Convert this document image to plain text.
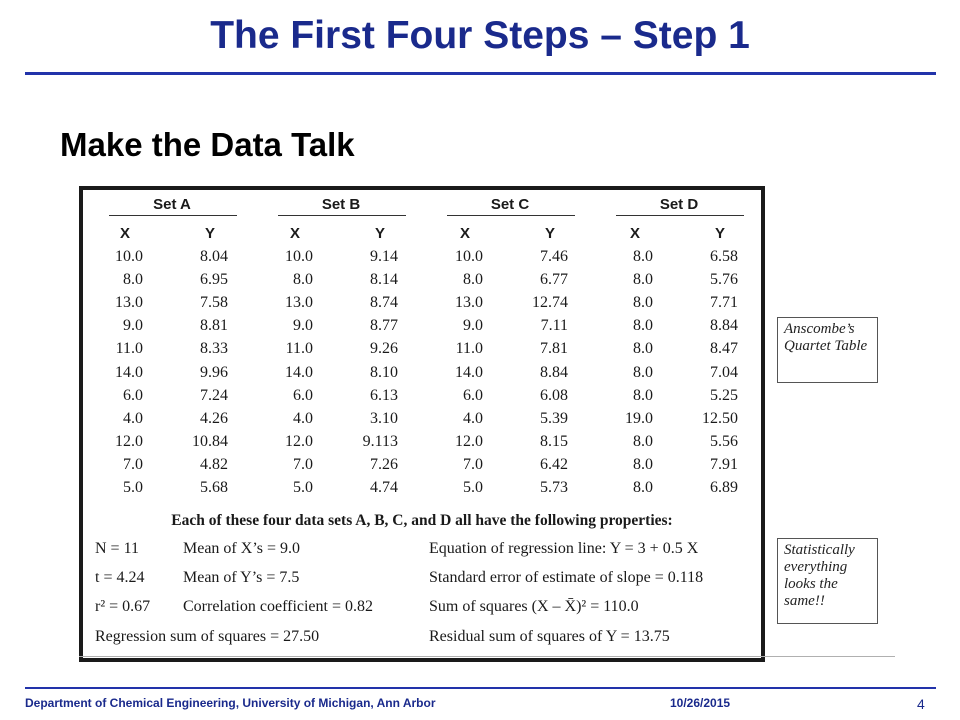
The First Four Steps – Step 1
Make the Data Talk
Set A	Set B	Set C	Set D
X	Y	X	Y	X	Y	X	Y
10.0	8.04	10.0	9.14	10.0	7.46	8.0	6.58
8.0	6.95	8.0	8.14	8.0	6.77	8.0	5.76
13.0	7.58	13.0	8.74	13.0	12.74	8.0	7.71
9.0	8.81	9.0	8.77	9.0	7.11	8.0	8.84
11.0	8.33	11.0	9.26	11.0	7.81	8.0	8.47
14.0	9.96	14.0	8.10	14.0	8.84	8.0	7.04
6.0	7.24	6.0	6.13	6.0	6.08	8.0	5.25
4.0	4.26	4.0	3.10	4.0	5.39	19.0	12.50
12.0	10.84	12.0	9.113	12.0	8.15	8.0	5.56
7.0	4.82	7.0	7.26	7.0	6.42	8.0	7.91
5.0	5.68	5.0	4.74	5.0	5.73	8.0	6.89
Each of these four data sets A, B, C, and D all have the following properties:
N = 11	Mean of X’s = 9.0	Equation of regression line: Y = 3 + 0.5 X
t = 4.24 Mean of Y’s = 7.5	Standard error of estimate of slope = 0.118
r² = 0.67 Correlation coefficient = 0.82	Sum of squares (X – X̄)² = 110.0
Regression sum of squares = 27.50	Residual sum of squares of Y = 13.75
Anscombe’s Quartet Table
Statistically everything looks the same!!
Department of Chemical Engineering, University of Michigan, Ann Arbor	10/26/2015	4
